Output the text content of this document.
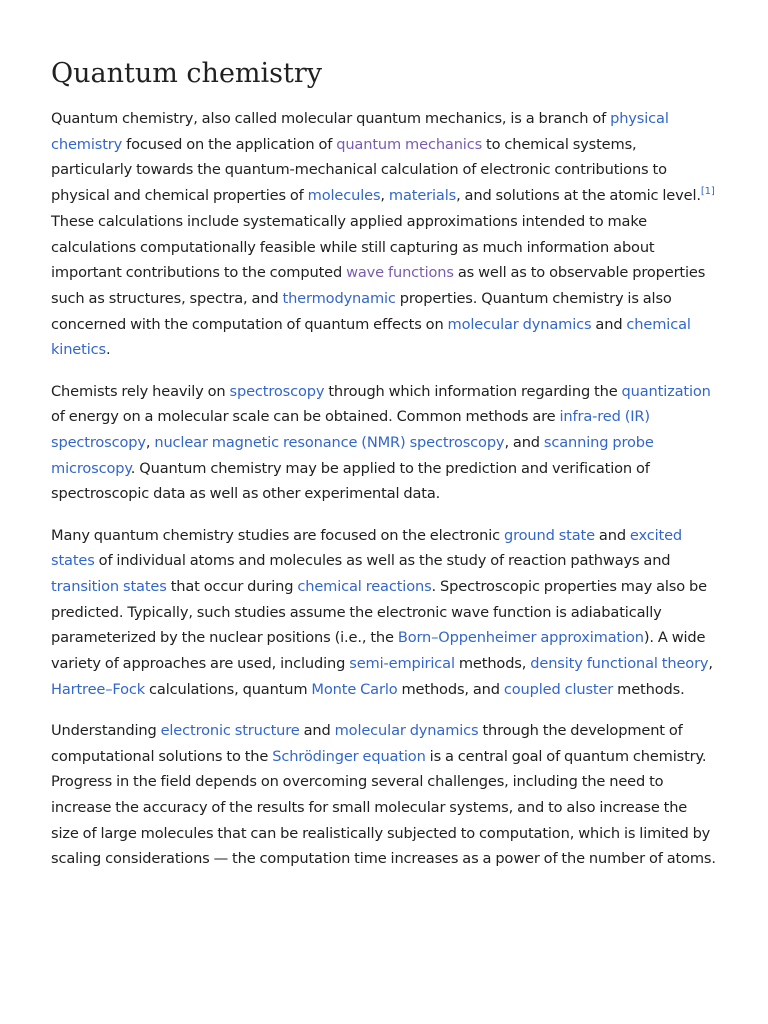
Quantum chemistry

Quantum chemistry, also called molecular quantum mechanics, is a branch of physical chemistry focused on the application of quantum mechanics to chemical systems, particularly towards the quantum-mechanical calculation of electronic contributions to physical and chemical properties of molecules, materials, and solutions at the atomic level.[1] These calculations include systematically applied approximations intended to make calculations computationally feasible while still capturing as much information about important contributions to the computed wave functions as well as to observable properties such as structures, spectra, and thermodynamic properties. Quantum chemistry is also concerned with the computation of quantum effects on molecular dynamics and chemical kinetics.

Chemists rely heavily on spectroscopy through which information regarding the quantization of energy on a molecular scale can be obtained. Common methods are infra-red (IR) spectroscopy, nuclear magnetic resonance (NMR) spectroscopy, and scanning probe microscopy. Quantum chemistry may be applied to the prediction and verification of spectroscopic data as well as other experimental data.

Many quantum chemistry studies are focused on the electronic ground state and excited states of individual atoms and molecules as well as the study of reaction pathways and transition states that occur during chemical reactions. Spectroscopic properties may also be predicted. Typically, such studies assume the electronic wave function is adiabatically parameterized by the nuclear positions (i.e., the Born–Oppenheimer approximation). A wide variety of approaches are used, including semi-empirical methods, density functional theory, Hartree–Fock calculations, quantum Monte Carlo methods, and coupled cluster methods.

Understanding electronic structure and molecular dynamics through the development of computational solutions to the Schrödinger equation is a central goal of quantum chemistry. Progress in the field depends on overcoming several challenges, including the need to increase the accuracy of the results for small molecular systems, and to also increase the size of large molecules that can be realistically subjected to computation, which is limited by scaling considerations — the computation time increases as a power of the number of atoms.
